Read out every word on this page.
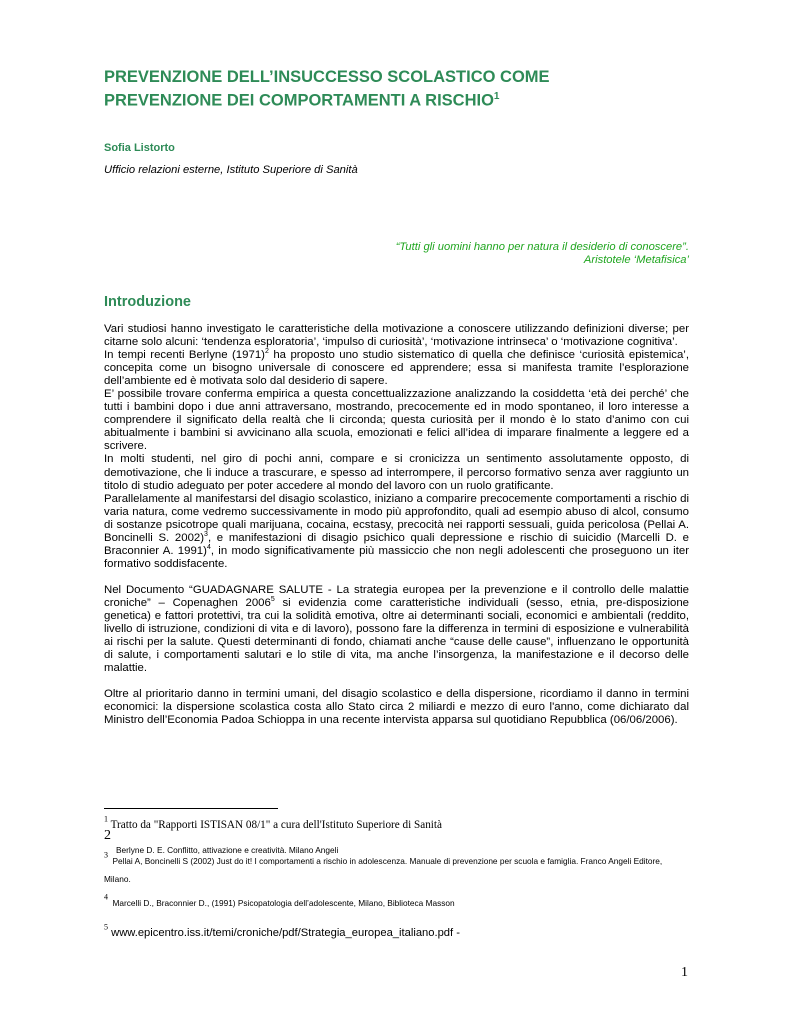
PREVENZIONE DELL’INSUCCESSO SCOLASTICO COME
PREVENZIONE DEI COMPORTAMENTI A RISCHIO$^1$
Sofia Listorto
Ufficio relazioni esterne, Istituto Superiore di Sanità
“Tutti gli uomini hanno per natura il desiderio di conoscere”.
Aristotele ‘Metafisica’
Introduzione

Vari studiosi hanno investigato le caratteristiche della motivazione a conoscere utilizzando definizioni diverse; per citarne solo alcuni: ‘tendenza esploratoria’, ‘impulso di curiosità’, ‘motivazione intrinseca’ o ‘motivazione cognitiva’.

In tempi recenti Berlyne $(1971)^2$ ha proposto uno studio sistematico di quella che definisce ‘curiosità epistemica’, concepita come un bisogno universale di conoscere ed apprendere; essa si manifesta tramite l’esplorazione dell’ambiente ed è motivata solo dal desiderio di sapere.

E’ possibile trovare conferma empirica a questa concettualizzazione analizzando la cosiddetta ‘età dei perché’ che tutti i bambini dopo i due anni attraversano, mostrando, precocemente ed in modo spontaneo, il loro interesse a comprendere il significato della realtà che li circonda; questa curiosità per il mondo è lo stato d’animo con cui abitualmente i bambini si avvicinano alla scuola, emozionati e felici all’idea di imparare finalmente a leggere ed a scrivere.

In molti studenti, nel giro di pochi anni, compare e si cronicizza un sentimento assolutamente opposto, di demotivazione, che li induce a trascurare, e spesso ad interrompere, il percorso formativo senza aver raggiunto un titolo di studio adeguato per poter accedere al mondo del lavoro con un ruolo gratificante.

Parallelamente al manifestarsi del disagio scolastico, iniziano a comparire precocemente comportamenti a rischio di varia natura, come vedremo successivamente in modo più approfondito, quali ad esempio abuso di alcol, consumo di sostanze psicotrope quali marijuana, cocaina, ecstasy, precocità nei rapporti sessuali, guida pericolosa (Pellai A. Boncinelli S. 2002)$^3$, e manifestazioni di disagio psichico quali depressione e rischio di suicidio (Marcelli D. e Braconnier A. 1991)$^4$, in modo significativamente più massiccio che non negli adolescenti che proseguono un iter formativo soddisfacente.

Nel Documento “GUADAGNARE SALUTE - La strategia europea per la prevenzione e il controllo delle malattie croniche” – Copenaghen 2006$^5$ si evidenzia come caratteristiche individuali (sesso, etnia, pre-disposizione genetica) e fattori protettivi, tra cui la solidità emotiva, oltre ai determinanti sociali, economici e ambientali (reddito, livello di istruzione, condizioni di vita e di lavoro), possono fare la differenza in termini di esposizione e vulnerabilità ai rischi per la salute. Questi determinanti di fondo, chiamati anche “cause delle cause”, influenzano le opportunità di salute, i comportamenti salutari e lo stile di vita, ma anche l’insorgenza, la manifestazione e il decorso delle malattie.

Oltre al prioritario danno in termini umani, del disagio scolastico e della dispersione, ricordiamo il danno in termini economici: la dispersione scolastica costa allo Stato circa 2 miliardi e mezzo di euro l'anno, come dichiarato dal Ministro dell’Economia Padoa Schioppa in una recente intervista apparsa sul quotidiano Repubblica (06/06/2006).

$^1$ Tratto da "Rapporti ISTISAN 08/1" a cura dell'Istituto Superiore di Sanità
2
Berlyne D. E. Conflitto, attivazione e creatività. Milano Angeli
$^3$ Pellai A, Boncinelli S (2002) Just do it! I comportamenti a rischio in adolescenza. Manuale di prevenzione per scuola e famiglia. Franco Angeli Editore, Milano.
$^4$ Marcelli D., Braconnier D., (1991) Psicopatologia dell’adolescente, Milano, Biblioteca Masson
$^5$ www.epicentro.iss.it/temi/croniche/pdf/Strategia_europea_italiano.pdf -
1
